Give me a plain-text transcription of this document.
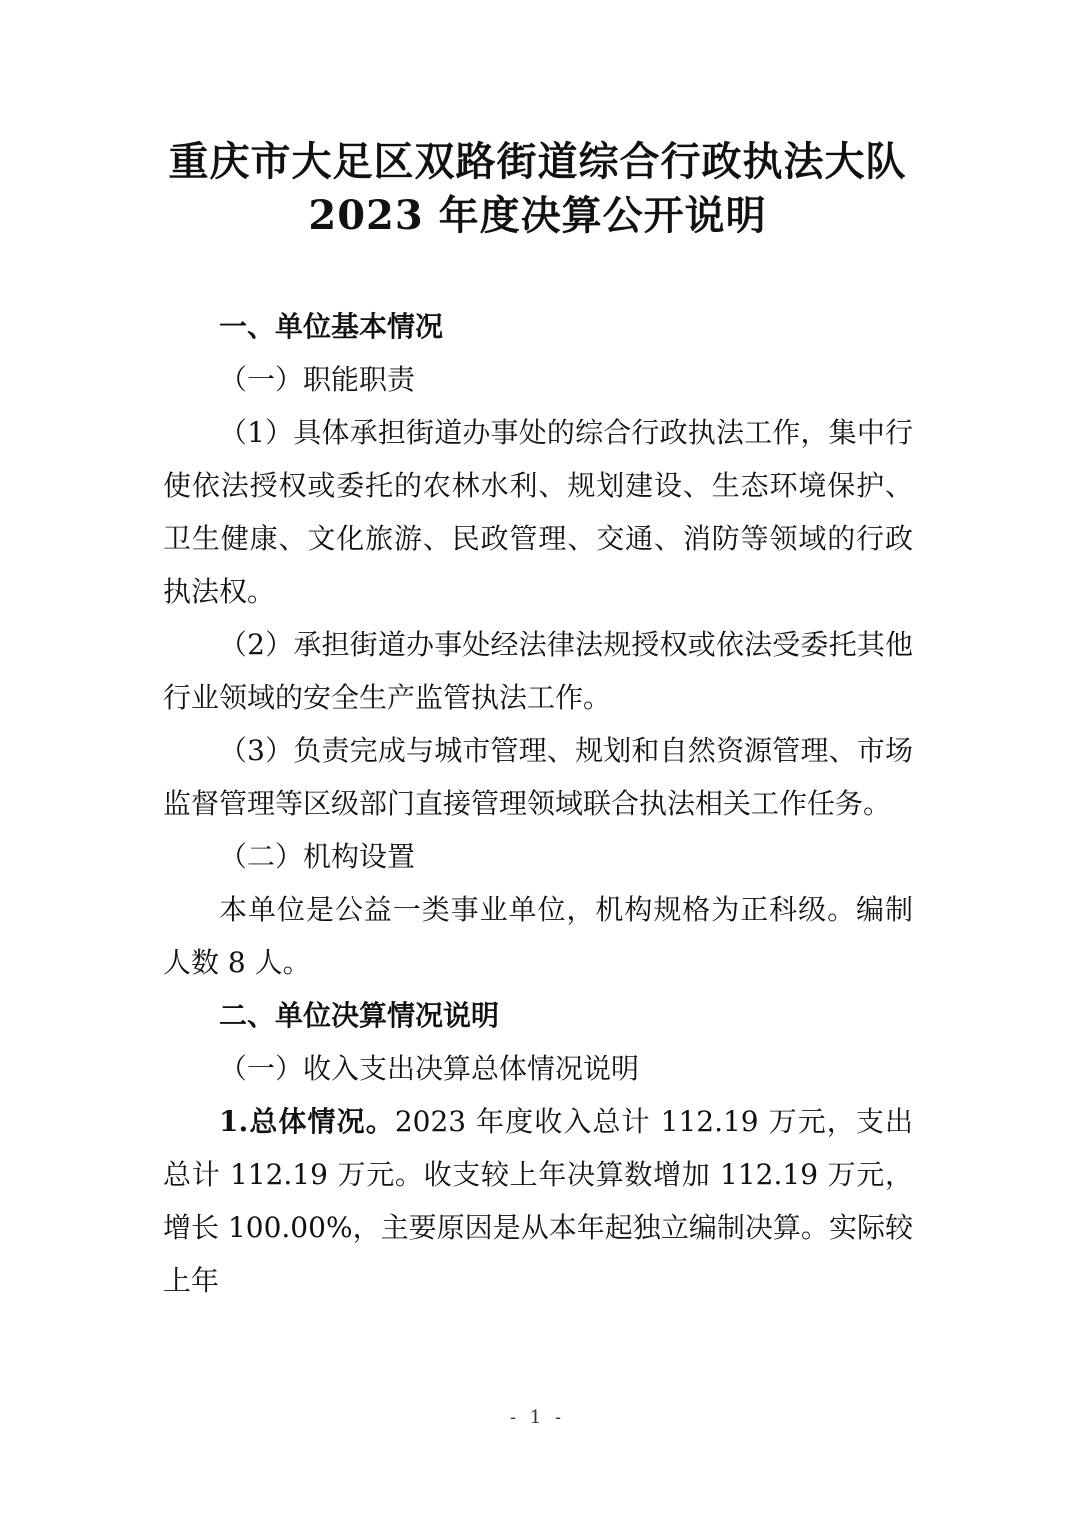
重庆市大足区双路街道综合行政执法大队
2023 年度决算公开说明

一、单位基本情况

（一）职能职责

（1）具体承担街道办事处的综合行政执法工作，集中行使依法授权或委托的农林水利、规划建设、生态环境保护、卫生健康、文化旅游、民政管理、交通、消防等领域的行政执法权。

（2）承担街道办事处经法律法规授权或依法受委托其他行业领域的安全生产监管执法工作。

（3）负责完成与城市管理、规划和自然资源管理、市场监督管理等区级部门直接管理领域联合执法相关工作任务。

（二）机构设置

本单位是公益一类事业单位，机构规格为正科级。编制人数 8 人。

二、单位决算情况说明

（一）收入支出决算总体情况说明

1.总体情况。2023 年度收入总计 112.19 万元，支出总计 112.19 万元。收支较上年决算数增加 112.19 万元，增长 100.00%，主要原因是从本年起独立编制决算。实际较上年

- 1 -
